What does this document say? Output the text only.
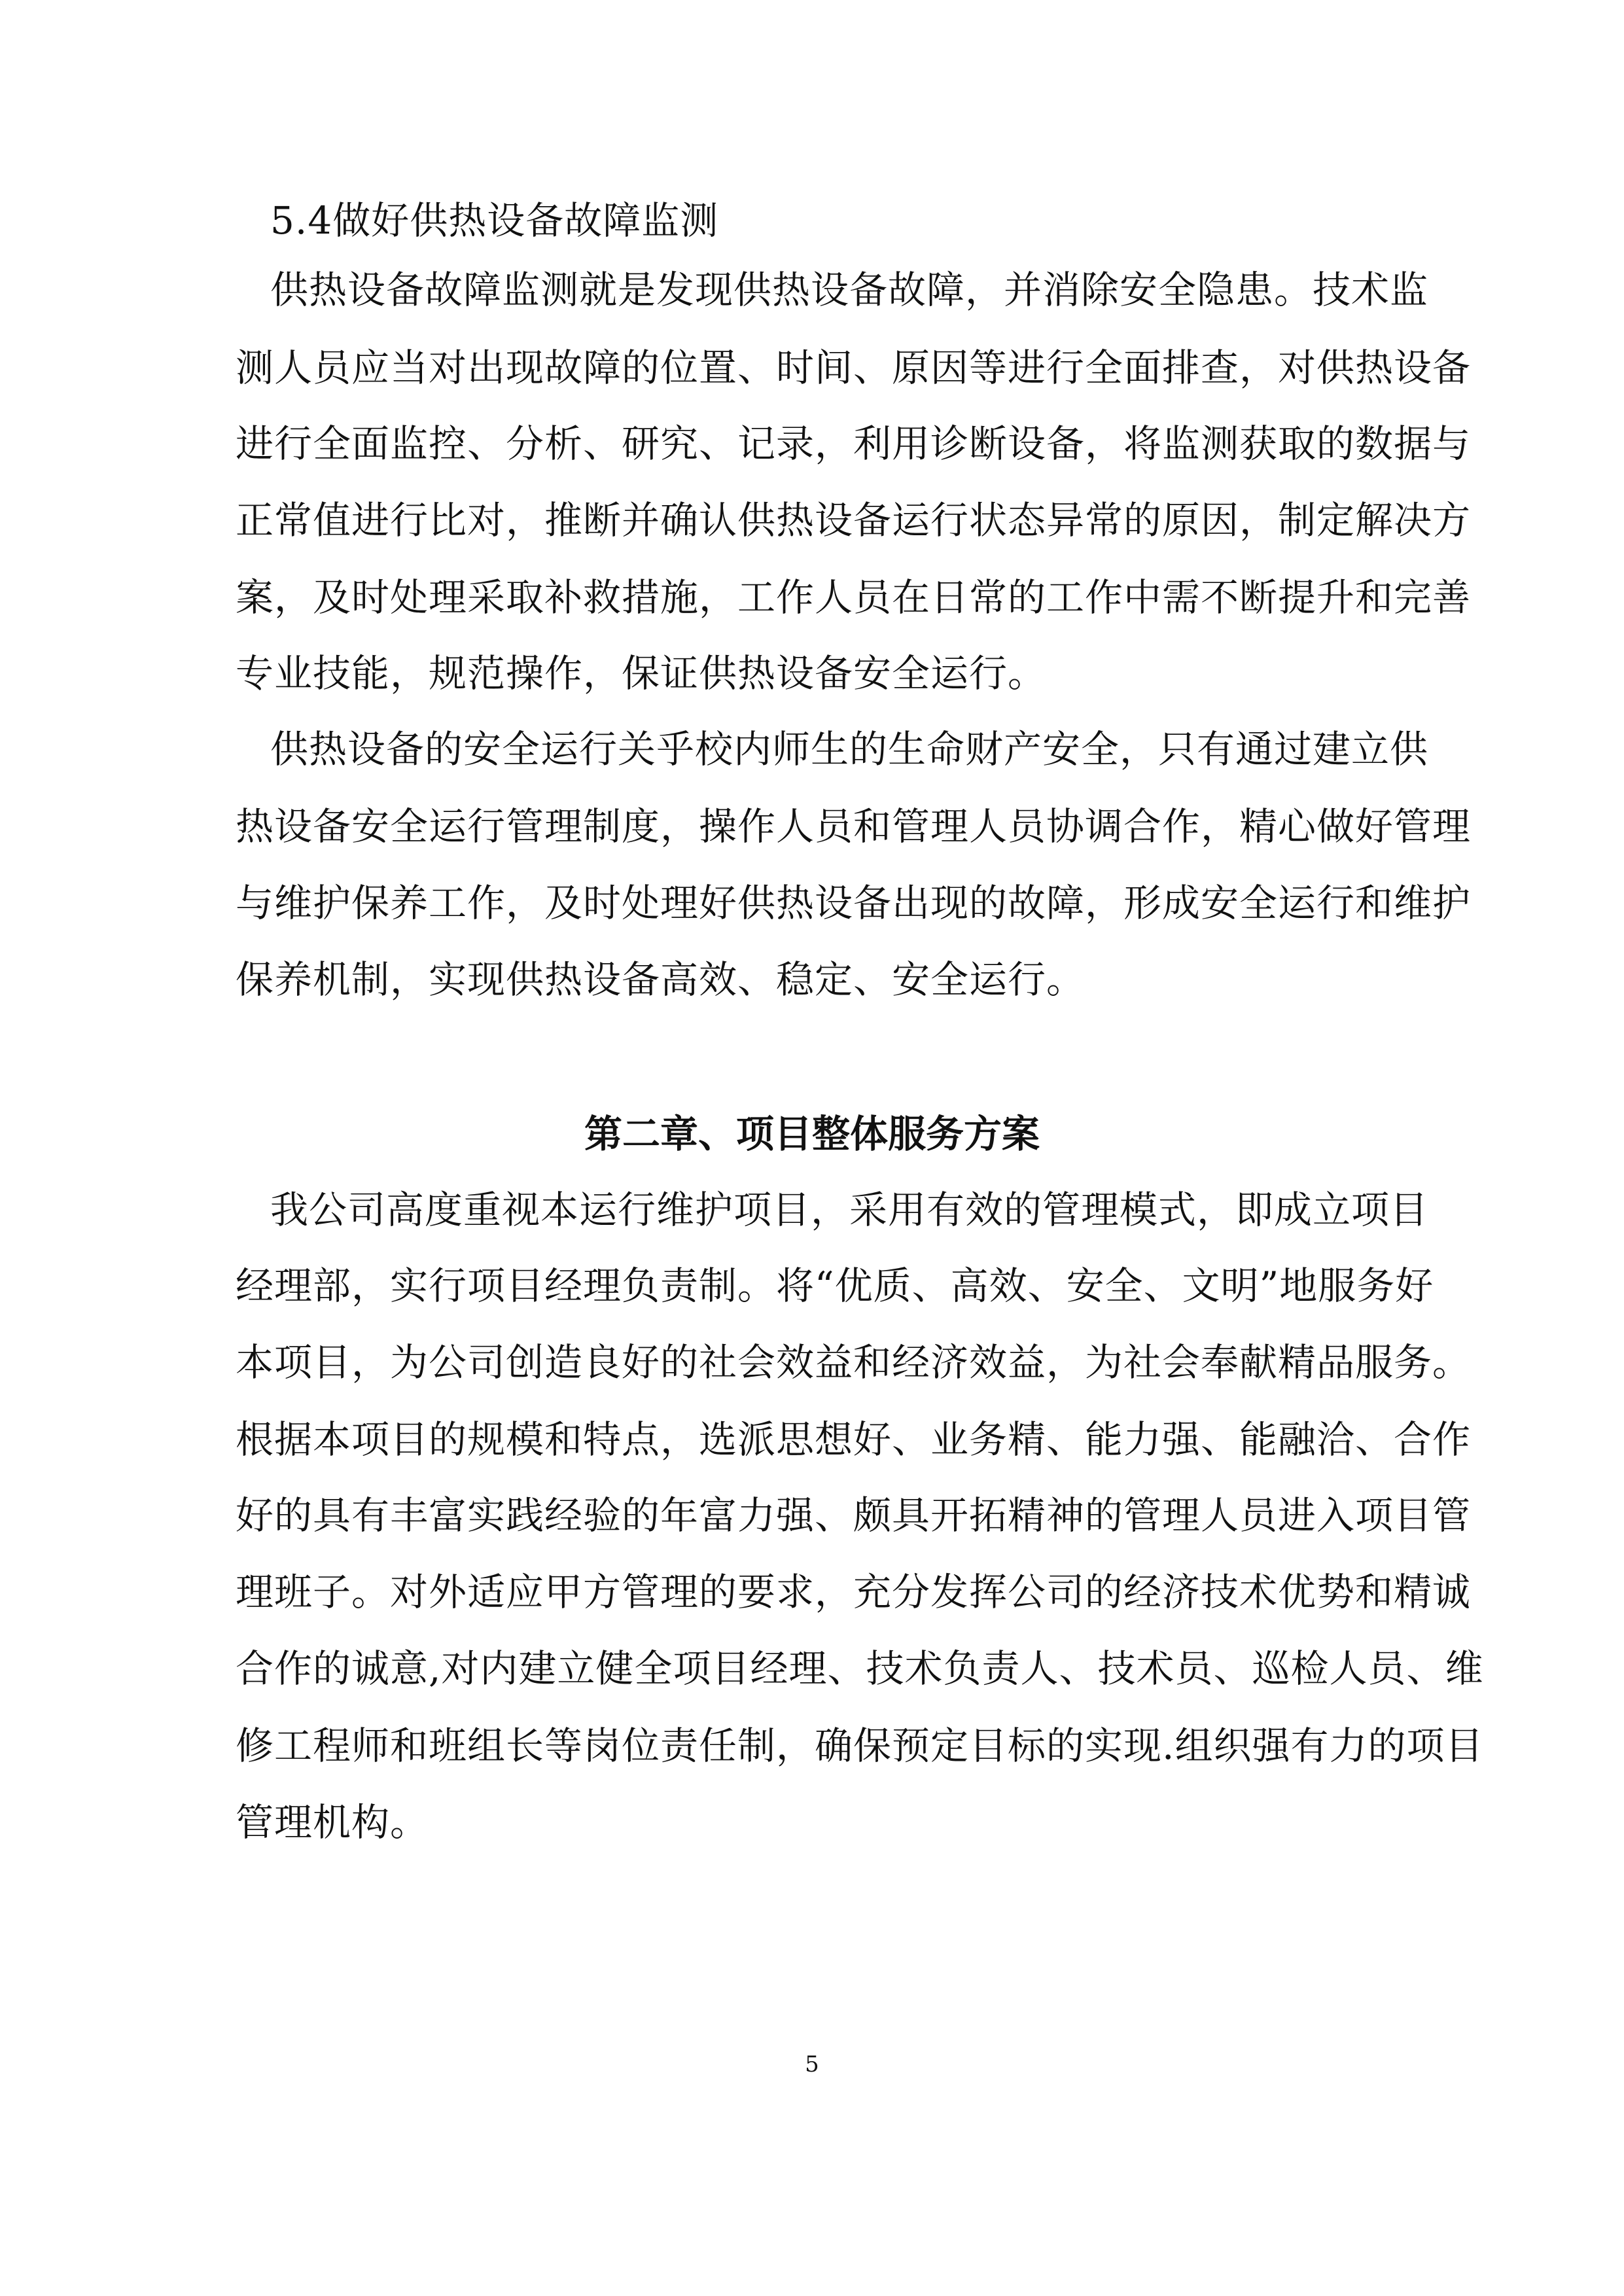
5.4做好供热设备故障监测
供热设备故障监测就是发现供热设备故障，并消除安全隐患。技术监
测人员应当对出现故障的位置、时间、原因等进行全面排查，对供热设备
进行全面监控、分析、研究、记录，利用诊断设备，将监测获取的数据与
正常值进行比对，推断并确认供热设备运行状态异常的原因，制定解决方
案，及时处理采取补救措施，工作人员在日常的工作中需不断提升和完善
专业技能，规范操作，保证供热设备安全运行。
供热设备的安全运行关乎校内师生的生命财产安全，只有通过建立供
热设备安全运行管理制度，操作人员和管理人员协调合作，精心做好管理
与维护保养工作，及时处理好供热设备出现的故障，形成安全运行和维护
保养机制，实现供热设备高效、稳定、安全运行。
第二章、项目整体服务方案
我公司高度重视本运行维护项目，采用有效的管理模式，即成立项目
经理部，实行项目经理负责制。将“优质、高效、安全、文明”地服务好
本项目，为公司创造良好的社会效益和经济效益，为社会奉献精品服务。
根据本项目的规模和特点，选派思想好、业务精、能力强、能融洽、合作
好的具有丰富实践经验的年富力强、颇具开拓精神的管理人员进入项目管
理班子。对外适应甲方管理的要求，充分发挥公司的经济技术优势和精诚
合作的诚意,对内建立健全项目经理、技术负责人、技术员、巡检人员、维
修工程师和班组长等岗位责任制，确保预定目标的实现.组织强有力的项目
管理机构。
5
